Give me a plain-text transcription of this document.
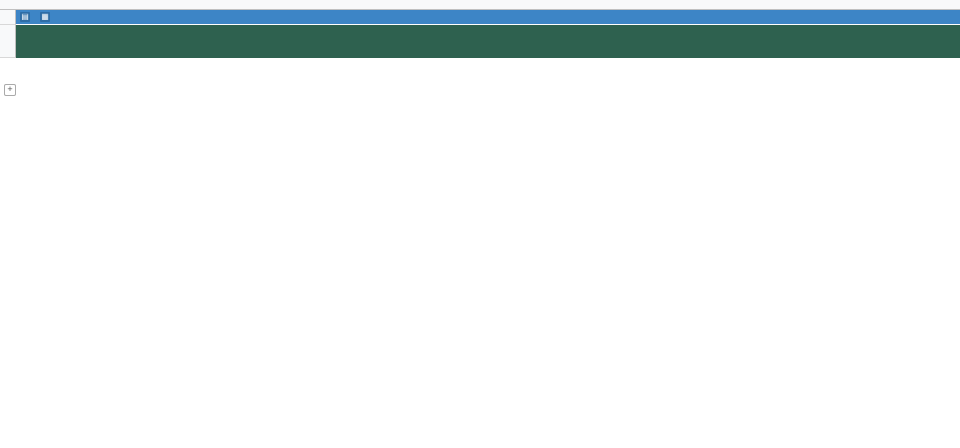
▤ ▦
+
